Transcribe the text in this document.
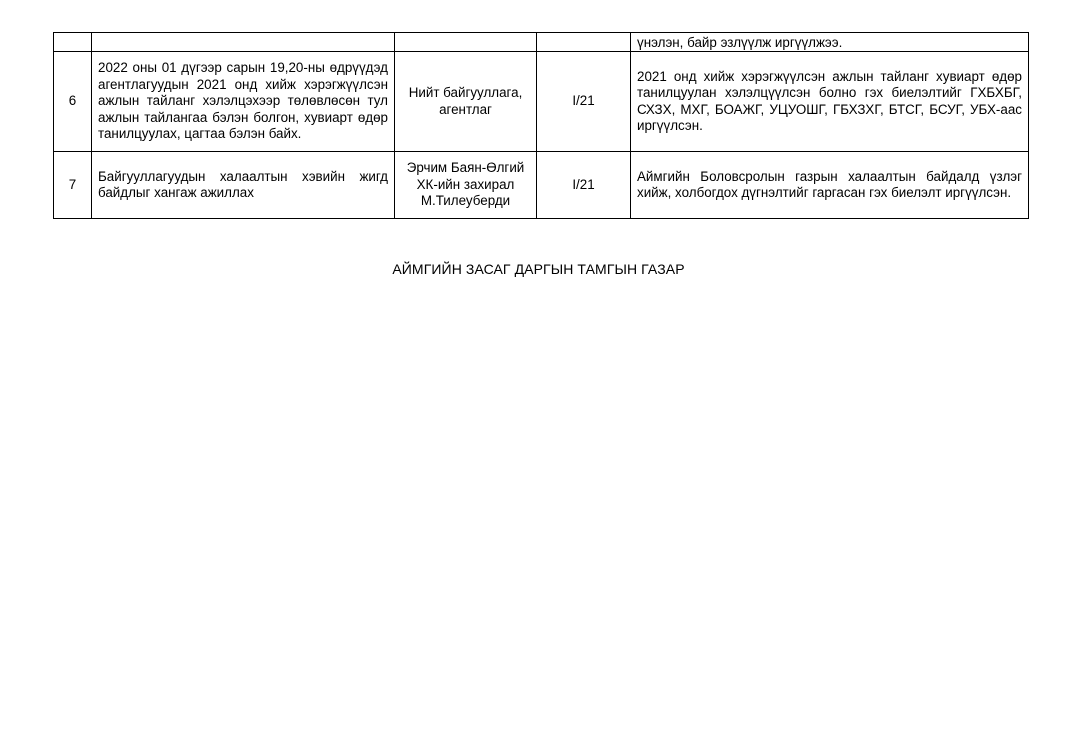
				үнэлэн, байр эзлүүлж иргүүлжээ.
6	2022 оны 01 дүгээр сарын 19,20-ны өдрүүдэд агентлагуудын 2021 онд хийж хэрэгжүүлсэн ажлын тайланг хэлэлцэхээр төлөвлөсөн тул ажлын тайлангаа бэлэн болгон, хувиарт өдөр танилцуулах, цагтаа бэлэн байх.	Нийт байгууллага, агентлаг	I/21	2021 онд хийж хэрэгжүүлсэн ажлын тайланг хувиарт өдөр танилцуулан хэлэлцүүлсэн болно гэх биелэлтийг ГХБХБГ, СХЗХ, МХГ, БОАЖГ, УЦУОШГ, ГБХЗХГ, БТСГ, БСУГ, УБХ-аас иргүүлсэн.
7	Байгууллагуудын халаалтын хэвийн жигд байдлыг хангаж ажиллах	Эрчим Баян-Өлгий ХК-ийн захирал М.Тилеуберди	I/21	Аймгийн Боловсролын газрын халаалтын байдалд үзлэг хийж, холбогдох дүгнэлтийг гаргасан гэх биелэлт иргүүлсэн.
АЙМГИЙН ЗАСАГ ДАРГЫН ТАМГЫН ГАЗАР
